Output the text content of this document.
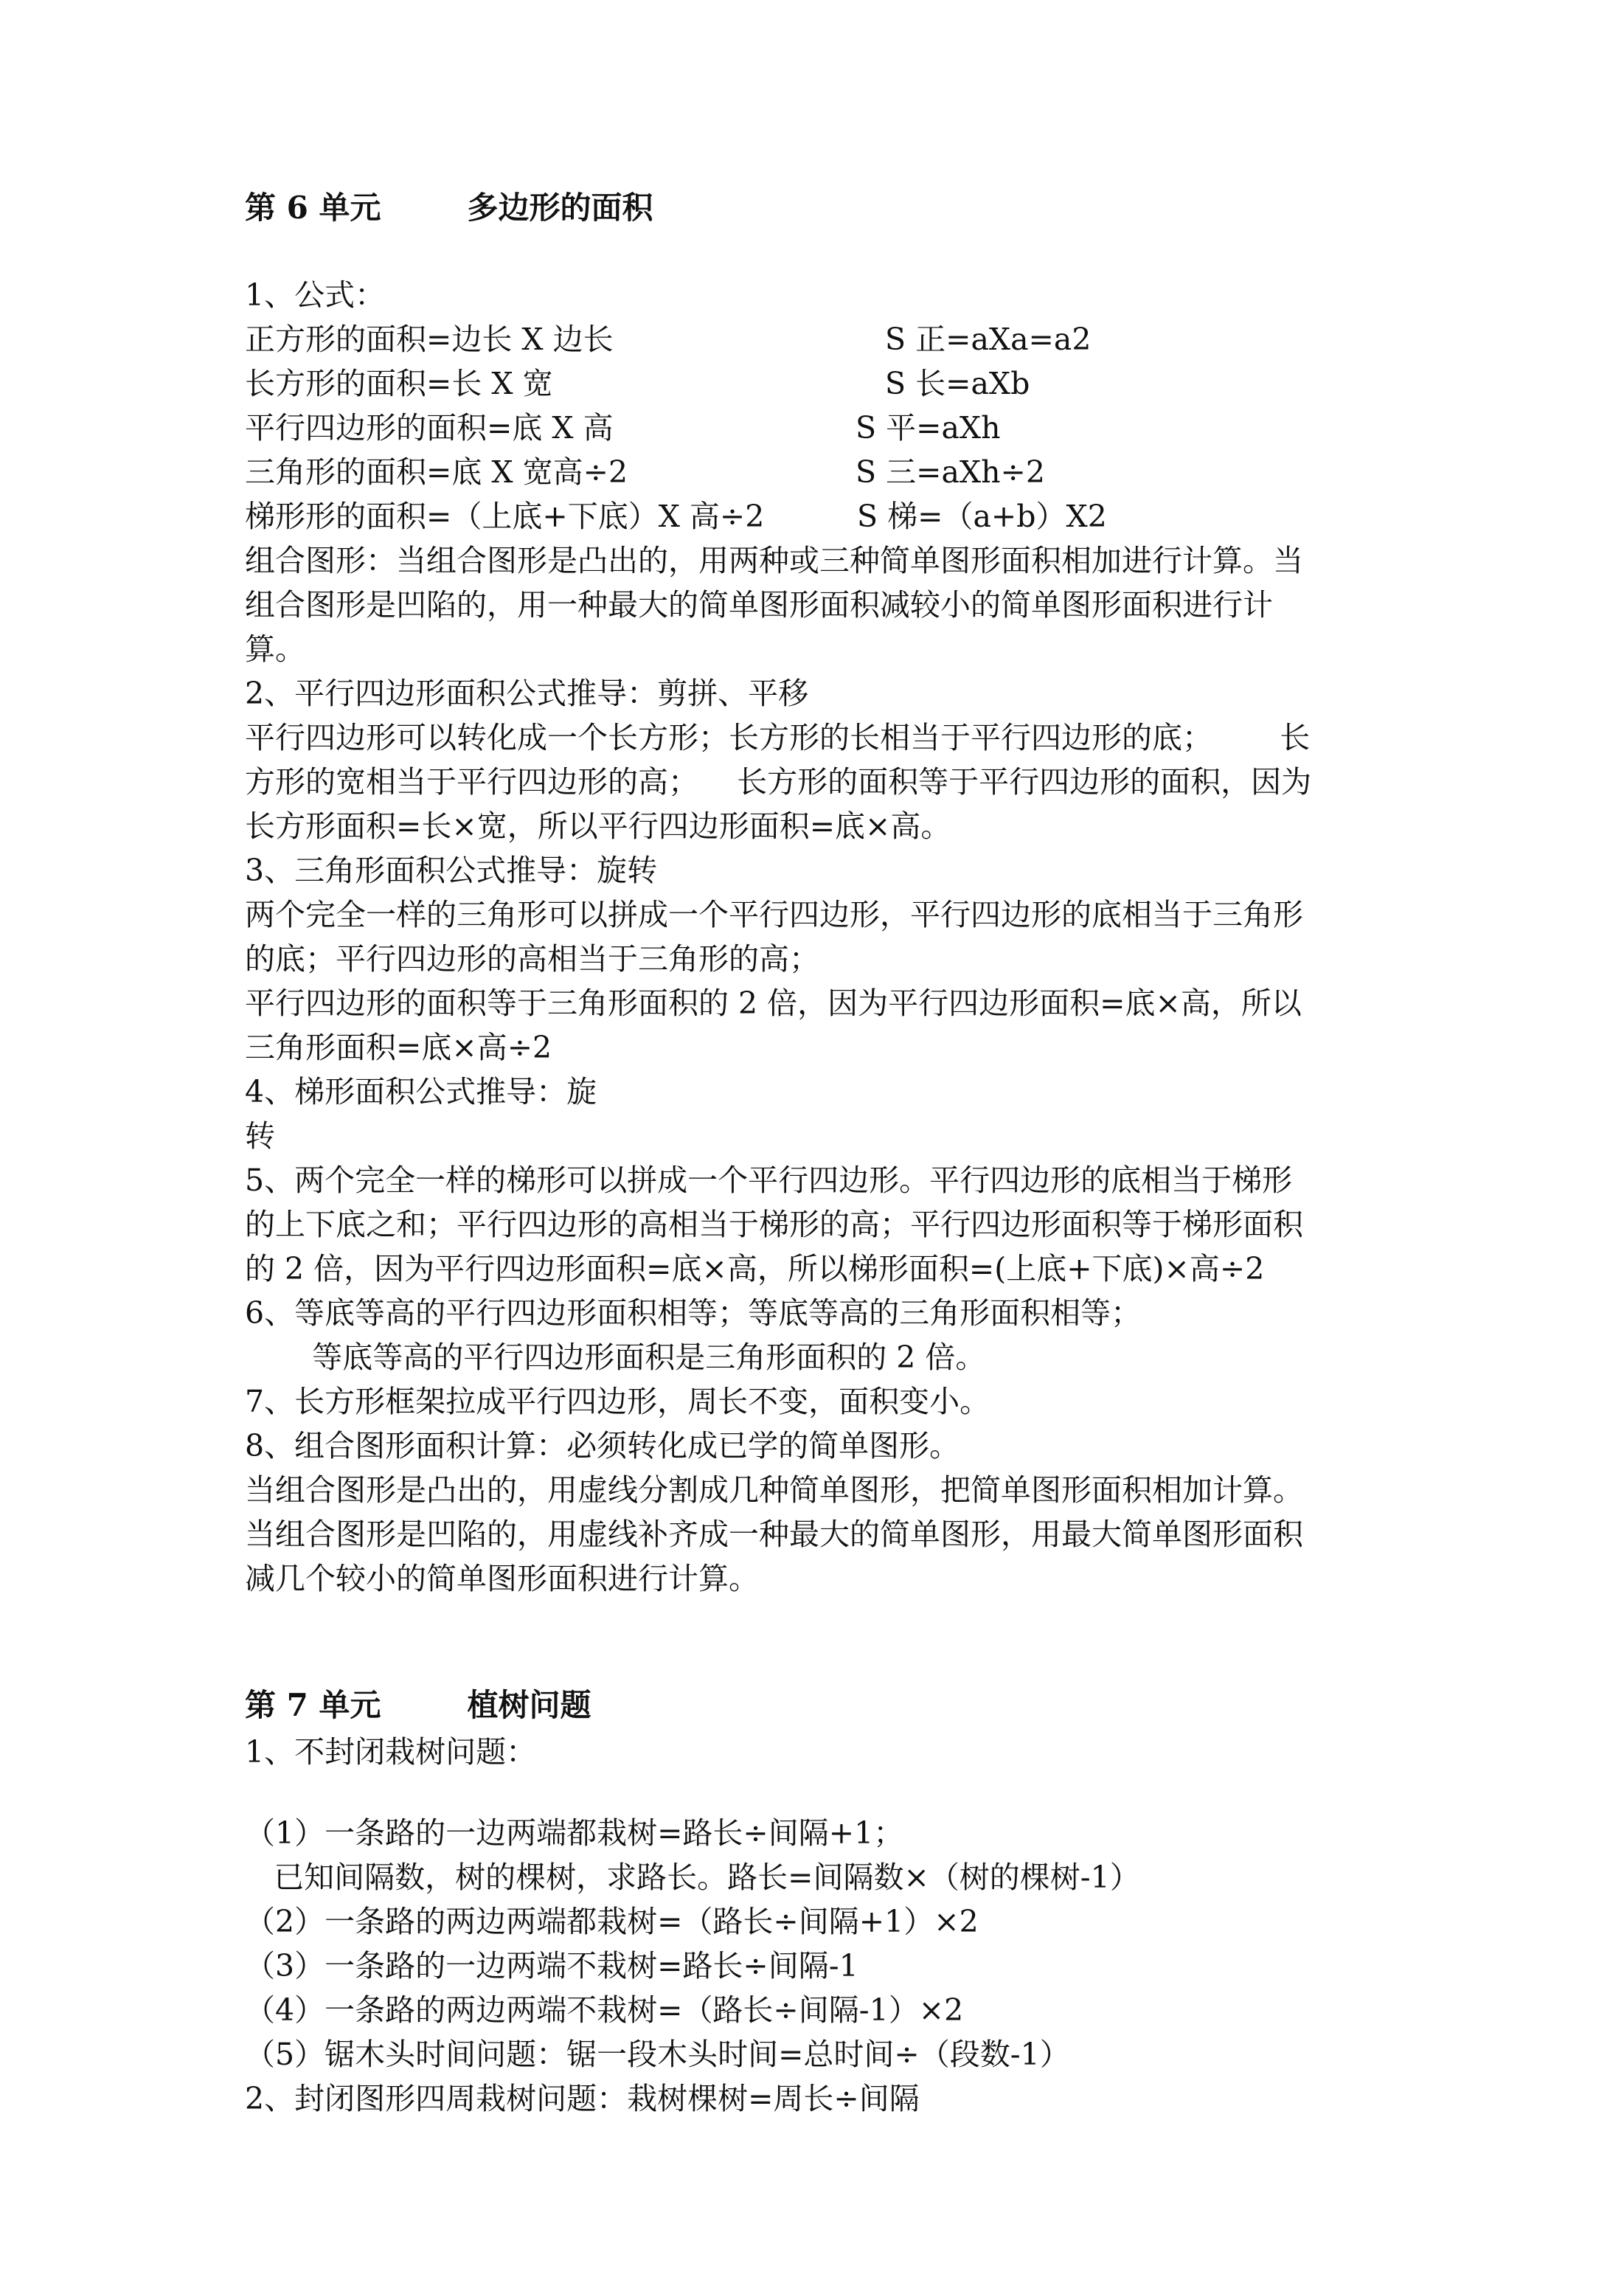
第 6 单元        多边形的面积
1、公式：
正方形的面积=边长 X 边长	S 正=aXa=a2
长方形的面积=长 X 宽	S 长=aXb
平行四边形的面积=底 X 高	S 平=aXh
三角形的面积=底 X 宽高÷2	S 三=aXh÷2
梯形形的面积=（上底+下底）X 高÷2	S 梯=（a+b）X2
组合图形：当组合图形是凸出的，用两种或三种简单图形面积相加进行计算。当
组合图形是凹陷的，用一种最大的简单图形面积减较小的简单图形面积进行计
算。
2、平行四边形面积公式推导：剪拼、平移
平行四边形可以转化成一个长方形；长方形的长相当于平行四边形的底；       长
方形的宽相当于平行四边形的高；    长方形的面积等于平行四边形的面积，因为
长方形面积=长×宽，所以平行四边形面积=底×高。
3、三角形面积公式推导：旋转
两个完全一样的三角形可以拼成一个平行四边形，平行四边形的底相当于三角形
的底；平行四边形的高相当于三角形的高；
平行四边形的面积等于三角形面积的 2 倍，因为平行四边形面积=底×高，所以
三角形面积=底×高÷2
4、梯形面积公式推导：旋
转
5、两个完全一样的梯形可以拼成一个平行四边形。平行四边形的底相当于梯形
的上下底之和；平行四边形的高相当于梯形的高；平行四边形面积等于梯形面积
的 2 倍，因为平行四边形面积=底×高，所以梯形面积=(上底+下底)×高÷2
6、等底等高的平行四边形面积相等；等底等高的三角形面积相等；
等底等高的平行四边形面积是三角形面积的 2 倍。
7、长方形框架拉成平行四边形，周长不变，面积变小。
8、组合图形面积计算：必须转化成已学的简单图形。
当组合图形是凸出的，用虚线分割成几种简单图形，把简单图形面积相加计算。
当组合图形是凹陷的，用虚线补齐成一种最大的简单图形，用最大简单图形面积
减几个较小的简单图形面积进行计算。
第 7 单元        植树问题
1、不封闭栽树问题：
（1）一条路的一边两端都栽树=路长÷间隔+1；
已知间隔数，树的棵树，求路长。路长=间隔数×（树的棵树-1）
（2）一条路的两边两端都栽树=（路长÷间隔+1）×2
（3）一条路的一边两端不栽树=路长÷间隔-1
（4）一条路的两边两端不栽树=（路长÷间隔-1）×2
（5）锯木头时间问题：锯一段木头时间=总时间÷（段数-1）
2、封闭图形四周栽树问题：栽树棵树=周长÷间隔
